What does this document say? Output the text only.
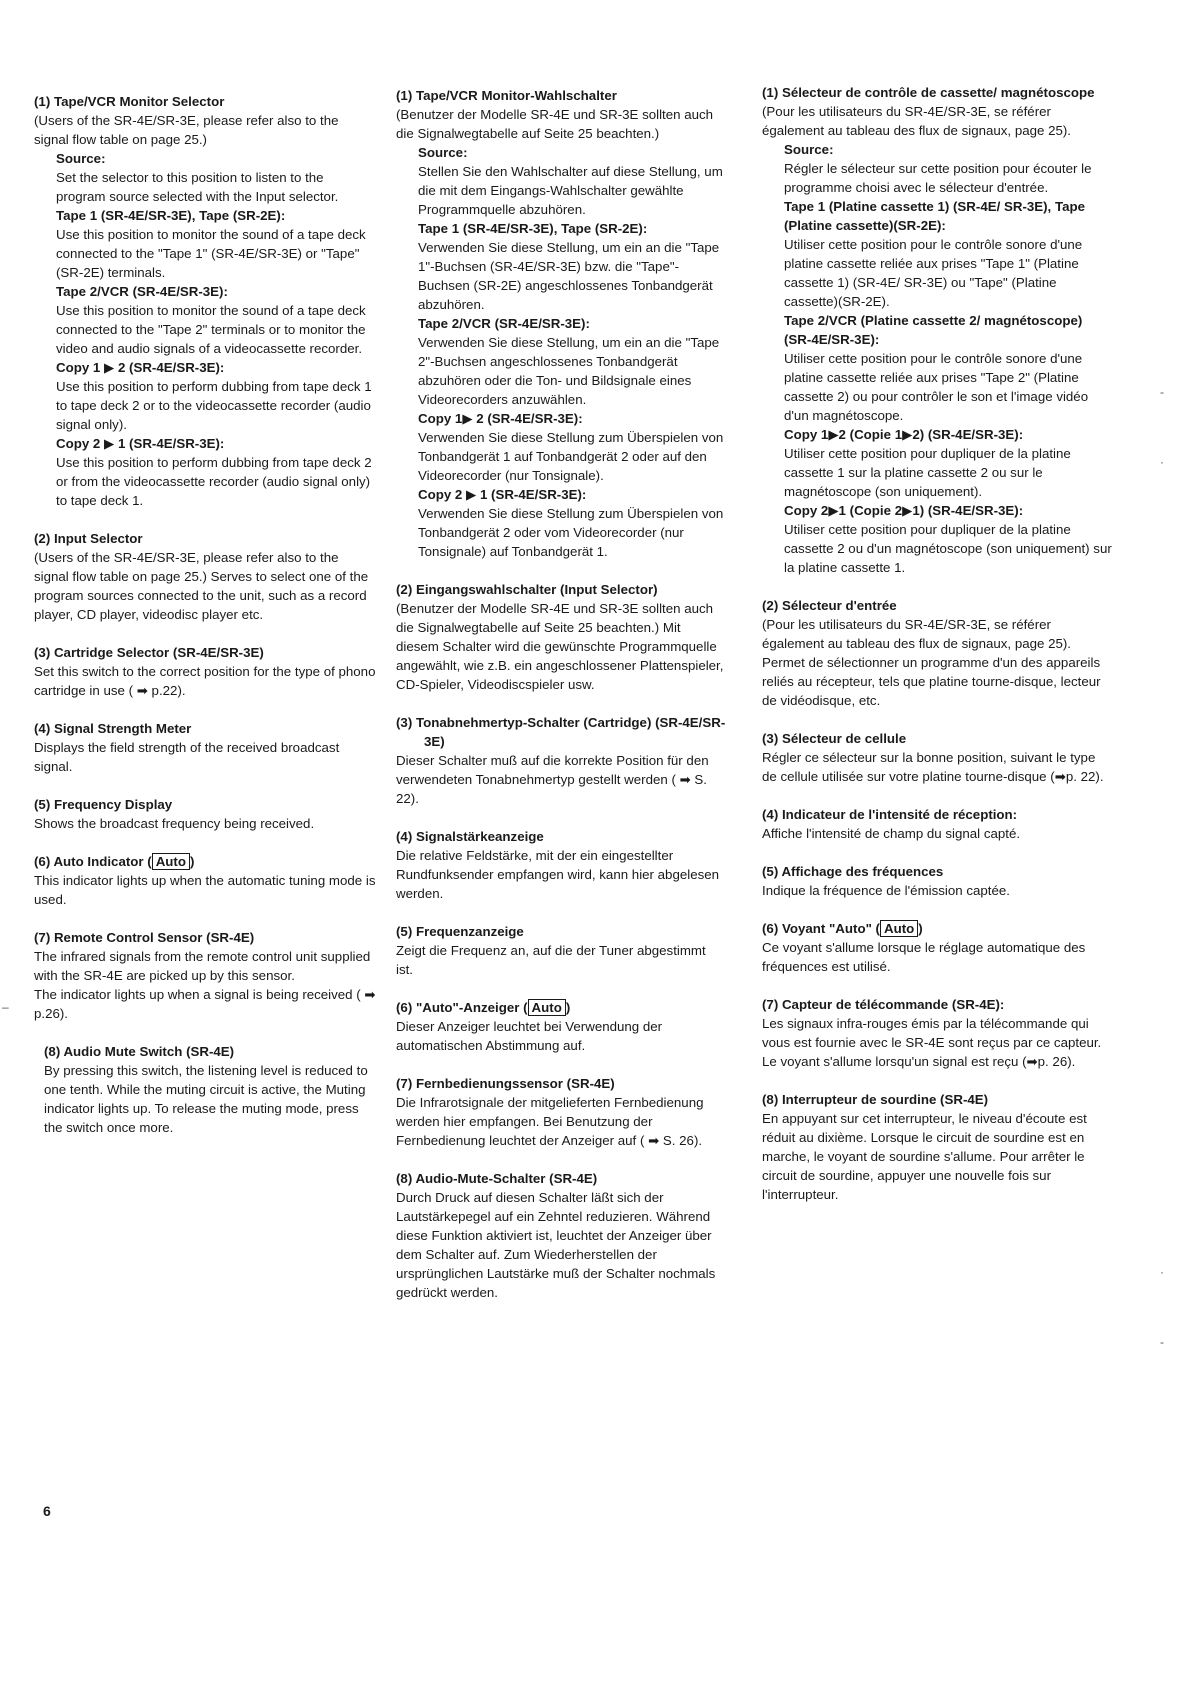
(1) Tape/VCR Monitor Selector
(Users of the SR-4E/SR-3E, please refer also to the signal flow table on page 25.)
Source:
Set the selector to this position to listen to the program source selected with the Input selector.
Tape 1 (SR-4E/SR-3E), Tape (SR-2E):
Use this position to monitor the sound of a tape deck connected to the "Tape 1" (SR-4E/SR-3E) or "Tape" (SR-2E) terminals.
Tape 2/VCR (SR-4E/SR-3E):
Use this position to monitor the sound of a tape deck connected to the "Tape 2" terminals or to monitor the video and audio signals of a videocassette recorder.
Copy 1 ▶ 2 (SR-4E/SR-3E):
Use this position to perform dubbing from tape deck 1 to tape deck 2 or to the videocassette recorder (audio signal only).
Copy 2 ▶ 1 (SR-4E/SR-3E):
Use this position to perform dubbing from tape deck 2 or from the videocassette recorder (audio signal only) to tape deck 1.
(2) Input Selector
(Users of the SR-4E/SR-3E, please refer also to the signal flow table on page 25.) Serves to select one of the program sources connected to the unit, such as a record player, CD player, videodisc player etc.
(3) Cartridge Selector (SR-4E/SR-3E)
Set this switch to the correct position for the type of phono cartridge in use ( ➡ p.22).
(4) Signal Strength Meter
Displays the field strength of the received broadcast signal.
(5) Frequency Display
Shows the broadcast frequency being received.
(6) Auto Indicator ( Auto )
This indicator lights up when the automatic tuning mode is used.
(7) Remote Control Sensor (SR-4E)
The infrared signals from the remote control unit supplied with the SR-4E are picked up by this sensor.
The indicator lights up when a signal is being received ( ➡ p.26).
(8) Audio Mute Switch (SR-4E)
By pressing this switch, the listening level is reduced to one tenth. While the muting circuit is active, the Muting indicator lights up. To release the muting mode, press the switch once more.
(1) Tape/VCR Monitor-Wahlschalter
(Benutzer der Modelle SR-4E und SR-3E sollten auch die Signalwegtabelle auf Seite 25 beachten.)
Source:
Stellen Sie den Wahlschalter auf diese Stellung, um die mit dem Eingangs-Wahlschalter gewählte Programmquelle abzuhören.
Tape 1 (SR-4E/SR-3E), Tape (SR-2E):
Verwenden Sie diese Stellung, um ein an die "Tape 1"-Buchsen (SR-4E/SR-3E) bzw. die "Tape"-Buchsen (SR-2E) angeschlossenes Tonbandgerät abzuhören.
Tape 2/VCR (SR-4E/SR-3E):
Verwenden Sie diese Stellung, um ein an die "Tape 2"-Buchsen angeschlossenes Tonbandgerät abzuhören oder die Ton- und Bildsignale eines Videorecorders anzuwählen.
Copy 1▶ 2 (SR-4E/SR-3E):
Verwenden Sie diese Stellung zum Überspielen von Tonbandgerät 1 auf Tonbandgerät 2 oder auf den Videorecorder (nur Tonsignale).
Copy 2 ▶ 1 (SR-4E/SR-3E):
Verwenden Sie diese Stellung zum Überspielen von Tonbandgerät 2 oder vom Videorecorder (nur Tonsignale) auf Tonbandgerät 1.
(2) Eingangswahlschalter (Input Selector)
(Benutzer der Modelle SR-4E und SR-3E sollten auch die Signalwegtabelle auf Seite 25 beachten.) Mit diesem Schalter wird die gewünschte Programmquelle angewählt, wie z.B. ein angeschlossener Plattenspieler, CD-Spieler, Videodiscspieler usw.
(3) Tonabnehmertyp-Schalter (Cartridge) (SR-4E/SR-3E)
Dieser Schalter muß auf die korrekte Position für den verwendeten Tonabnehmertyp gestellt werden ( ➡ S. 22).
(4) Signalstärkeanzeige
Die relative Feldstärke, mit der ein eingestellter Rundfunksender empfangen wird, kann hier abgelesen werden.
(5) Frequenzanzeige
Zeigt die Frequenz an, auf die der Tuner abgestimmt ist.
(6) "Auto"-Anzeiger ( Auto )
Dieser Anzeiger leuchtet bei Verwendung der automatischen Abstimmung auf.
(7) Fernbedienungssensor (SR-4E)
Die Infrarotsignale der mitgelieferten Fernbedienung werden hier empfangen. Bei Benutzung der Fernbedienung leuchtet der Anzeiger auf ( ➡ S. 26).
(8) Audio-Mute-Schalter (SR-4E)
Durch Druck auf diesen Schalter läßt sich der Lautstärkepegel auf ein Zehntel reduzieren. Während diese Funktion aktiviert ist, leuchtet der Anzeiger über dem Schalter auf. Zum Wiederherstellen der ursprünglichen Lautstärke muß der Schalter nochmals gedrückt werden.
(1) Sélecteur de contrôle de cassette/ magnétoscope
(Pour les utilisateurs du SR-4E/SR-3E, se référer également au tableau des flux de signaux, page 25).
Source:
Régler le sélecteur sur cette position pour écouter le programme choisi avec le sélecteur d'entrée.
Tape 1 (Platine cassette 1) (SR-4E/ SR-3E), Tape (Platine cassette)(SR-2E):
Utiliser cette position pour le contrôle sonore d'une platine cassette reliée aux prises "Tape 1" (Platine cassette 1) (SR-4E/ SR-3E) ou "Tape" (Platine cassette)(SR-2E).
Tape 2/VCR (Platine cassette 2/ magnétoscope) (SR-4E/SR-3E):
Utiliser cette position pour le contrôle sonore d'une platine cassette reliée aux prises "Tape 2" (Platine cassette 2) ou pour contrôler le son et l'image vidéo d'un magnétoscope.
Copy 1▶2 (Copie 1▶2) (SR-4E/SR-3E):
Utiliser cette position pour dupliquer de la platine cassette 1 sur la platine cassette 2 ou sur le magnétoscope (son uniquement).
Copy 2▶1 (Copie 2▶1) (SR-4E/SR-3E):
Utiliser cette position pour dupliquer de la platine cassette 2 ou d'un magnétoscope (son uniquement) sur la platine cassette 1.
(2) Sélecteur d'entrée
(Pour les utilisateurs du SR-4E/SR-3E, se référer également au tableau des flux de signaux, page 25).
Permet de sélectionner un programme d'un des appareils reliés au récepteur, tels que platine tourne-disque, lecteur de vidéodisque, etc.
(3) Sélecteur de cellule
Régler ce sélecteur sur la bonne position, suivant le type de cellule utilisée sur votre platine tourne-disque (➡p. 22).
(4) Indicateur de l'intensité de réception:
Affiche l'intensité de champ du signal capté.
(5) Affichage des fréquences
Indique la fréquence de l'émission captée.
(6) Voyant "Auto" ( Auto )
Ce voyant s'allume lorsque le réglage automatique des fréquences est utilisé.
(7) Capteur de télécommande (SR-4E):
Les signaux infra-rouges émis par la télécommande qui vous est fournie avec le SR-4E sont reçus par ce capteur. Le voyant s'allume lorsqu'un signal est reçu (➡p. 26).
(8) Interrupteur de sourdine (SR-4E)
En appuyant sur cet interrupteur, le niveau d'écoute est réduit au dixième. Lorsque le circuit de sourdine est en marche, le voyant de sourdine s'allume. Pour arrêter le circuit de sourdine, appuyer une nouvelle fois sur l'interrupteur.
6
–
-
·
·
-
